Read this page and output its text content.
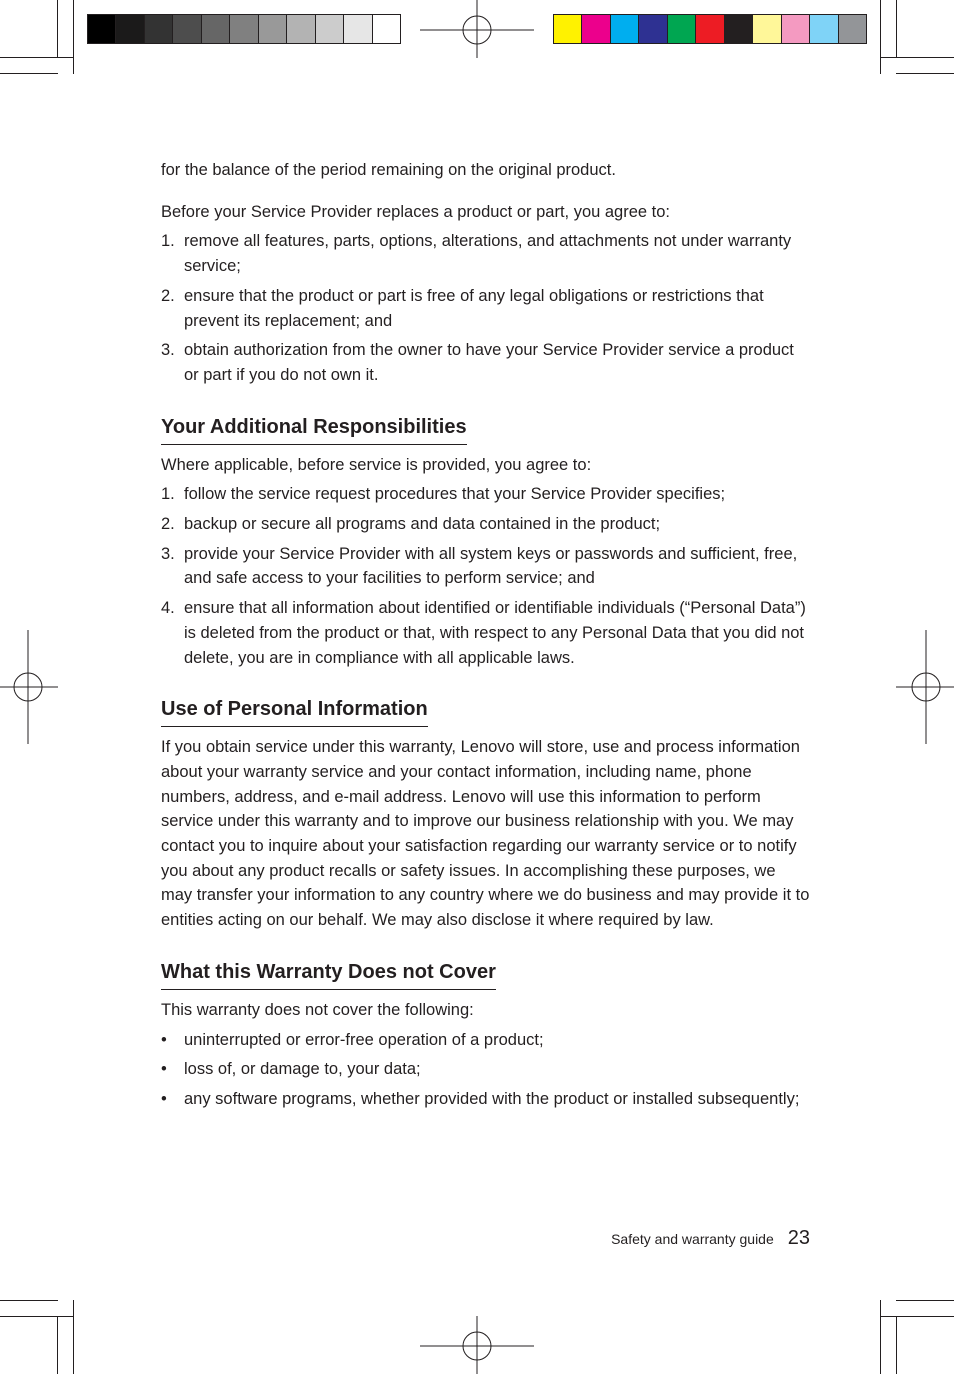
for the balance of the period remaining on the original product.

Before your Service Provider replaces a product or part, you agree to:

1. remove all features, parts, options, alterations, and attachments not under warranty service;
2. ensure that the product or part is free of any legal obligations or restrictions that prevent its replacement; and
3. obtain authorization from the owner to have your Service Provider service a product or part if you do not own it.
Your Additional Responsibilities

Where applicable, before service is provided, you agree to:

1. follow the service request procedures that your Service Provider specifies;
2. backup or secure all programs and data contained in the product;
3. provide your Service Provider with all system keys or passwords and sufficient, free, and safe access to your facilities to perform service; and
4. ensure that all information about identified or identifiable individuals (“Personal Data”) is deleted from the product or that, with respect to any Personal Data that you did not delete, you are in compliance with all applicable laws.
Use of Personal Information

If you obtain service under this warranty, Lenovo will store, use and process information about your warranty service and your contact information, including name, phone numbers, address, and e-mail address. Lenovo will use this information to perform service under this warranty and to improve our business relationship with you. We may contact you to inquire about your satisfaction regarding our warranty service or to notify you about any product recalls or safety issues. In accomplishing these purposes, we may transfer your information to any country where we do business and may provide it to entities acting on our behalf. We may also disclose it where required by law.

What this Warranty Does not Cover

This warranty does not cover the following:

• uninterrupted or error-free operation of a product;
• loss of, or damage to, your data;
• any software programs, whether provided with the product or installed subsequently;
Safety and warranty guide 23
